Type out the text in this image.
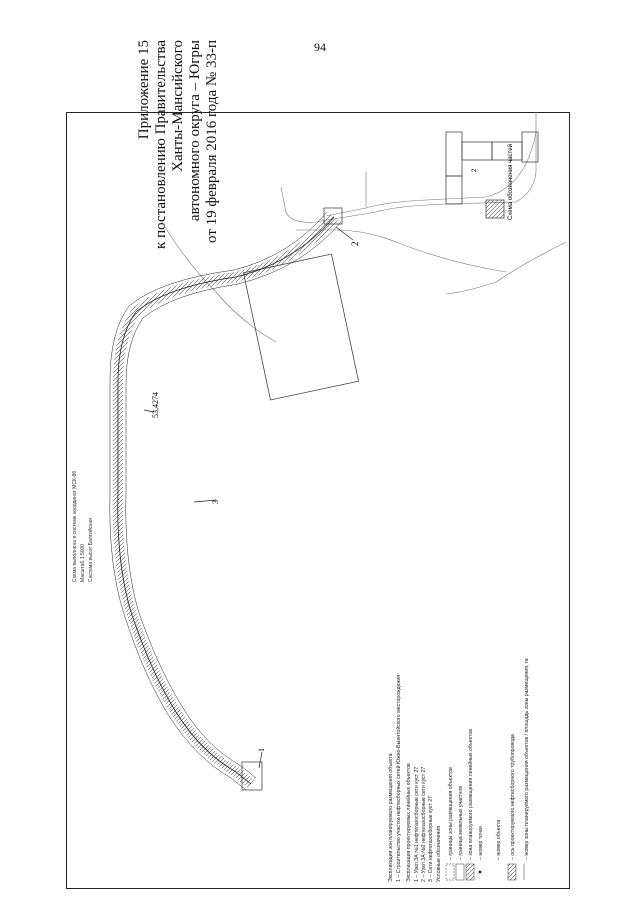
94
Приложение 15 к постановлению Правительства Ханты-Мансийского автономного округа – Югры от 19 февраля 2016 года № 33-п
1
53,4274
3
2
Схема обозначения частей
2
Схема выполнена в системе координат МСК-86 Масштаб 1:5000 Система высот Балтийская
Экспликация зон планируемого размещения объекта 1 – Строительство участка нефтесборных сетей Южно-Выинтойского месторождения Экспликация проектируемых линейных объектов 1 – Узел ЗА №1 нефтегазосборные сети куст 27 2 – Узел ЗА №2 нефтегазосборные сети куст 27 3 – Сети нефтегазосборные куст 27 Условные обозначения – границы зоны размещения объектов – граница земельных участков – зона планируемого размещения линейных объектов – номер точки – номер объекта – ось проектируемого нефтесборного трубопровода – номер зоны планируемого размещения объектов / площадь зоны размещения, га
